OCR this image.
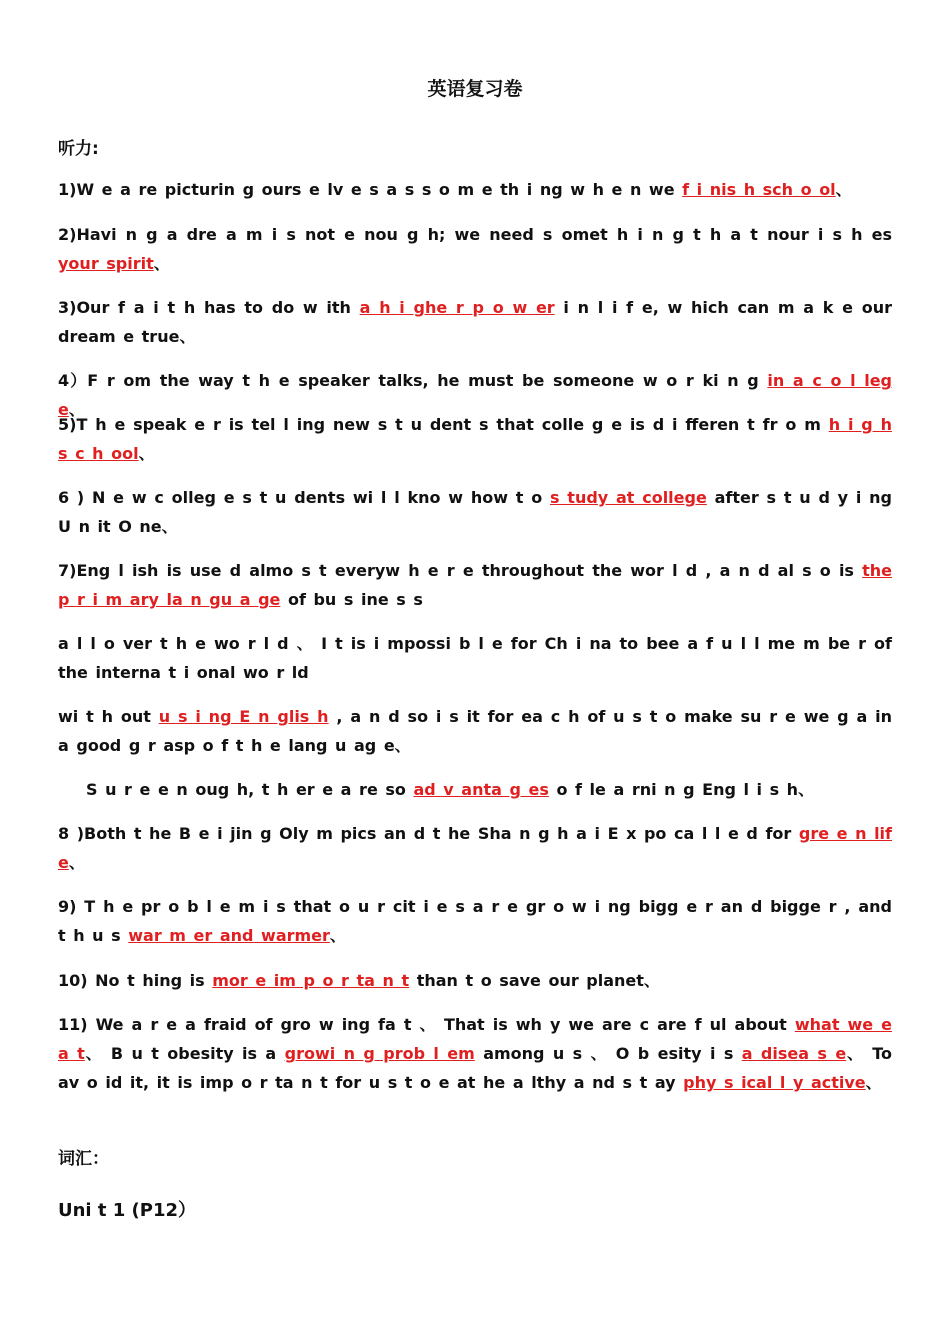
英语复习卷
听力:
1)W e a re picturin g ours e lv e s a s s o m e th i ng w h e n we f i nis h sch o ol、
2)Havi n g a dre a m i s not e nou g h; we need s omet h i n g t h a t nour i s h es your spirit、
3)Our f a i t h has to do w ith a h i ghe r p o w er i n l i f e, w hich can m a k e our dream e true、
4）F r om the way t h e speaker talks, he must be someone w o r ki n g in a c o l leg e、
5)T h e speak e r is tel l ing new s t u dent s that colle g e is d i fferen t fr o m h i g h s c h ool、
6 ) N e w c olleg e s t u dents wi l l kno w how t o s tudy at college after s t u d y i ng U n it O ne、
7)Eng l ish is use d almo s t everyw h e r e throughout the wor l d , a n d al s o is the p r i m ary la n gu a ge of bu s ine s s
a l l o ver t h e wo r l d 、 I t is i mpossi b l e for Ch i na to bee a f u l l me m be r of the interna t i onal wo r ld
wi t h out u s i ng E n glis h , a n d so i s it for ea c h of u s t o make su r e we g a in a good g r asp o f t h e lang u ag e、
S u r e e n oug h, t h er e a re so ad v anta g es o f le a rni n g Eng l i s h、
8 )Both t he B e i jin g Oly m pics an d t he Sha n g h a i E x po ca l l e d for gre e n lif e、
9) T h e pr o b l e m i s that o u r cit i e s a r e gr o w i ng bigg e r an d bigge r , and t h u s war m er and warmer、
10) No t hing is mor e im p o r ta n t than t o save our planet、
11) We a r e a fraid of gro w ing fa t 、 That is wh y we are c are f ul about what we e a t、 B u t obesity is a growi n g prob l em among u s 、 O b esity i s a disea s e、 To av o id it, it is imp o r ta n t for u s t o e at he a lthy a nd s t ay phy s ical l y active、
词汇：
Uni t 1 (P12）
